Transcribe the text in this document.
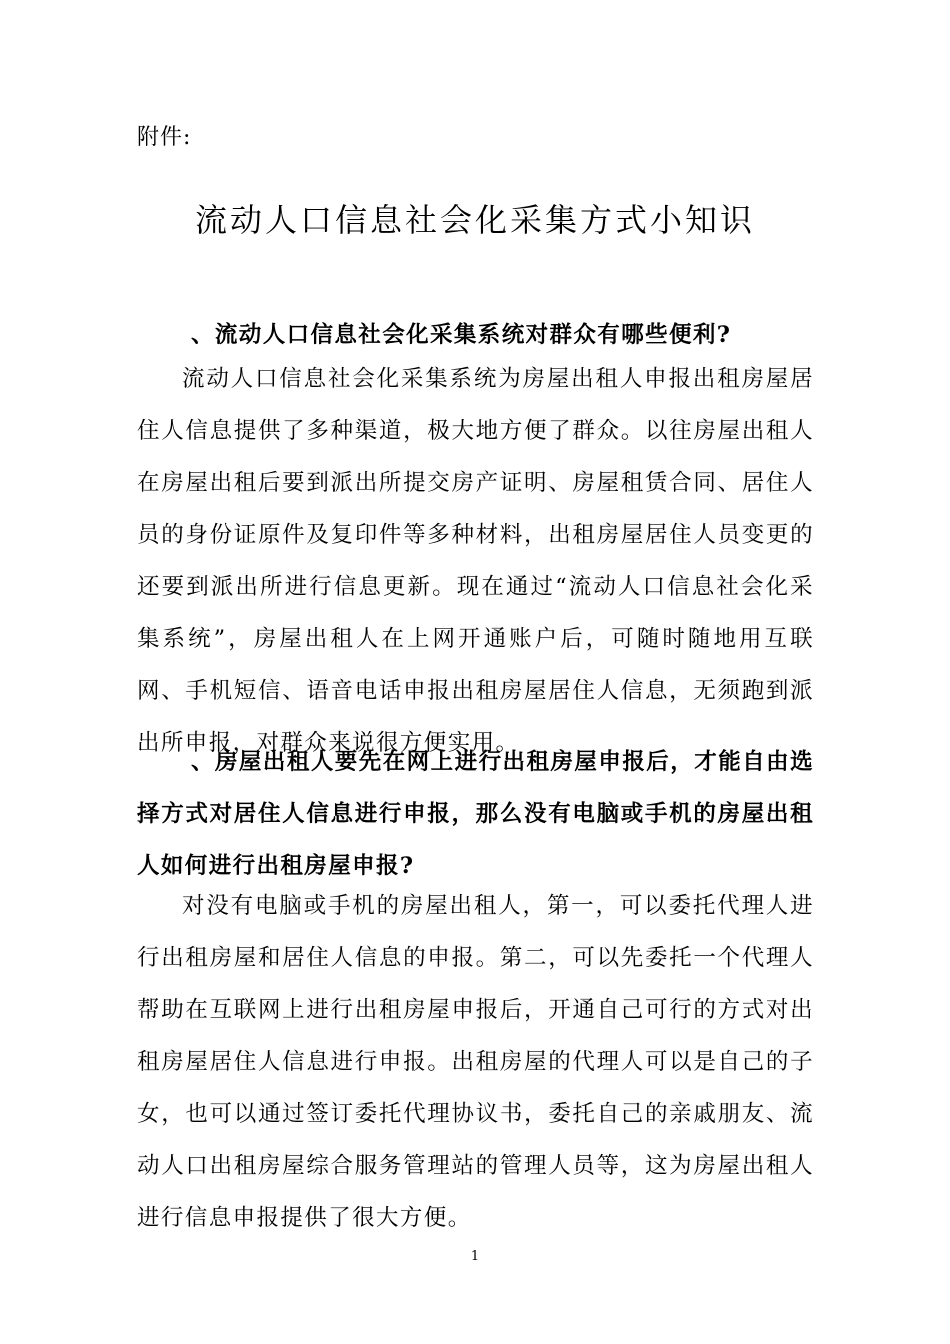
附件:
流动人口信息社会化采集方式小知识
、流动人口信息社会化采集系统对群众有哪些便利?
流动人口信息社会化采集系统为房屋出租人申报出租房屋居住人信息提供了多种渠道，极大地方便了群众。以往房屋出租人在房屋出租后要到派出所提交房产证明、房屋租赁合同、居住人员的身份证原件及复印件等多种材料，出租房屋居住人员变更的还要到派出所进行信息更新。现在通过“流动人口信息社会化采集系统”，房屋出租人在上网开通账户后，可随时随地用互联网、手机短信、语音电话申报出租房屋居住人信息，无须跑到派出所申报，对群众来说很方便实用。
、房屋出租人要先在网上进行出租房屋申报后，才能自由选择方式对居住人信息进行申报，那么没有电脑或手机的房屋出租人如何进行出租房屋申报?
对没有电脑或手机的房屋出租人，第一，可以委托代理人进行出租房屋和居住人信息的申报。第二，可以先委托一个代理人帮助在互联网上进行出租房屋申报后，开通自己可行的方式对出租房屋居住人信息进行申报。出租房屋的代理人可以是自己的子女，也可以通过签订委托代理协议书，委托自己的亲戚朋友、流动人口出租房屋综合服务管理站的管理人员等，这为房屋出租人进行信息申报提供了很大方便。
1
